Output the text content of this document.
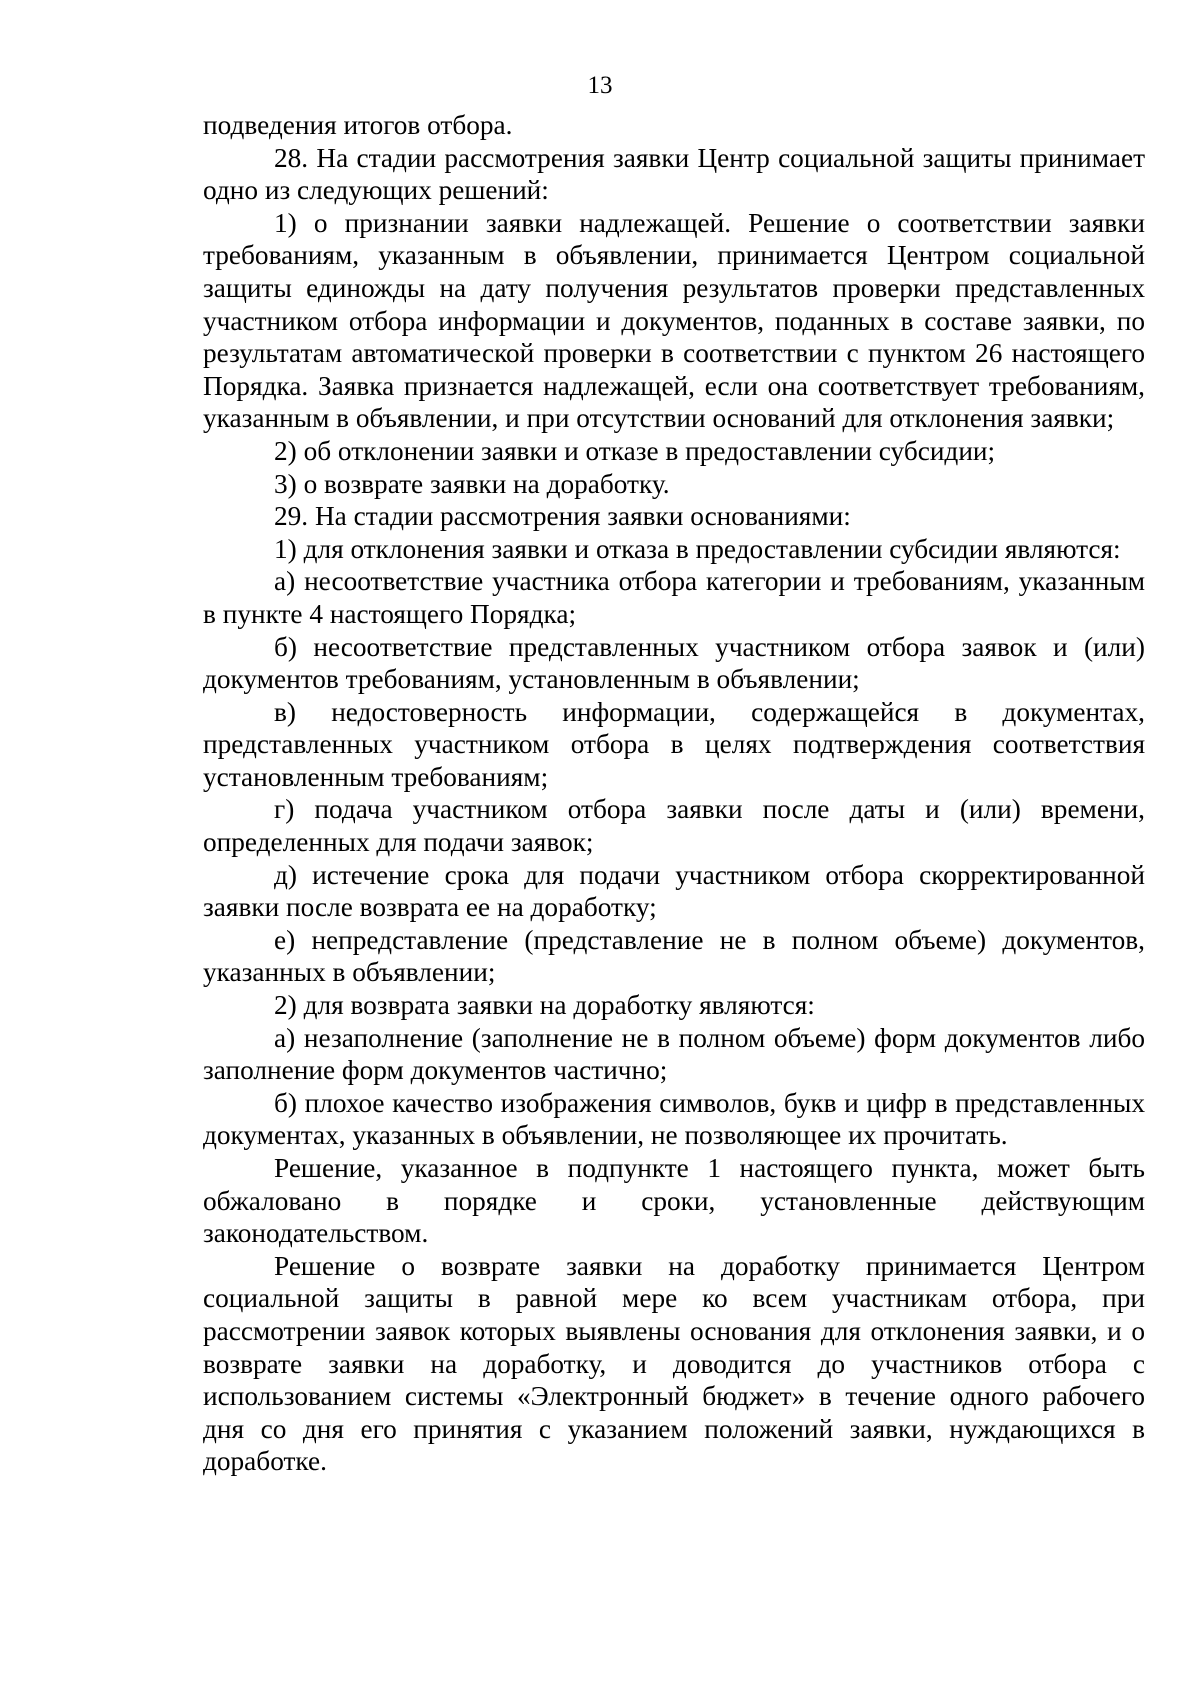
13

подведения итогов отбора.

28. На стадии рассмотрения заявки Центр социальной защиты принимает одно из следующих решений:

1) о признании заявки надлежащей. Решение о соответствии заявки требованиям, указанным в объявлении, принимается Центром социальной защиты единожды на дату получения результатов проверки представленных участником отбора информации и документов, поданных в составе заявки, по результатам автоматической проверки в соответствии с пунктом 26 настоящего Порядка. Заявка признается надлежащей, если она соответствует требованиям, указанным в объявлении, и при отсутствии оснований для отклонения заявки;

2) об отклонении заявки и отказе в предоставлении субсидии;

3) о возврате заявки на доработку.

29. На стадии рассмотрения заявки основаниями:

1) для отклонения заявки и отказа в предоставлении субсидии являются:

а) несоответствие участника отбора категории и требованиям, указанным в пункте 4 настоящего Порядка;

б) несоответствие представленных участником отбора заявок и (или) документов требованиям, установленным в объявлении;

в) недостоверность информации, содержащейся в документах, представленных участником отбора в целях подтверждения соответствия установленным требованиям;

г) подача участником отбора заявки после даты и (или) времени, определенных для подачи заявок;

д) истечение срока для подачи участником отбора скорректированной заявки после возврата ее на доработку;

е) непредставление (представление не в полном объеме) документов, указанных в объявлении;

2) для возврата заявки на доработку являются:

а) незаполнение (заполнение не в полном объеме) форм документов либо заполнение форм документов частично;

б) плохое качество изображения символов, букв и цифр в представленных документах, указанных в объявлении, не позволяющее их прочитать.

Решение, указанное в подпункте 1 настоящего пункта, может быть обжаловано в порядке и сроки, установленные действующим законодательством.

Решение о возврате заявки на доработку принимается Центром социальной защиты в равной мере ко всем участникам отбора, при рассмотрении заявок которых выявлены основания для отклонения заявки, и о возврате заявки на доработку, и доводится до участников отбора с использованием системы «Электронный бюджет» в течение одного рабочего дня со дня его принятия с указанием положений заявки, нуждающихся в доработке.
